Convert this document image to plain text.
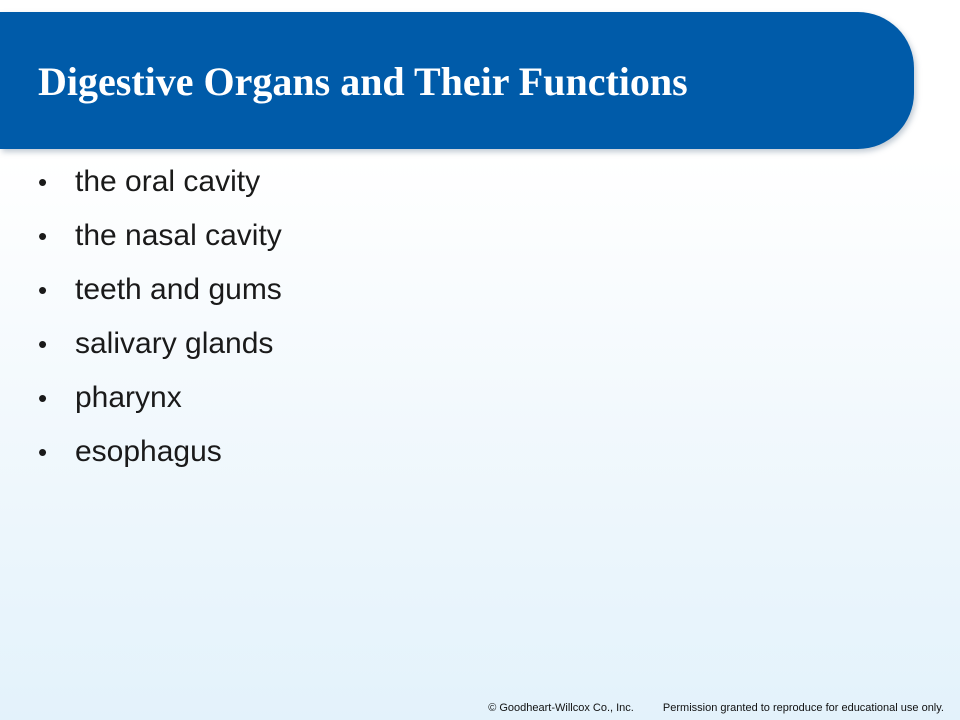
Digestive Organs and Their Functions
• the oral cavity
• the nasal cavity
• teeth and gums
• salivary glands
• pharynx
• esophagus
© Goodheart-Willcox Co., Inc.	Permission granted to reproduce for educational use only.
